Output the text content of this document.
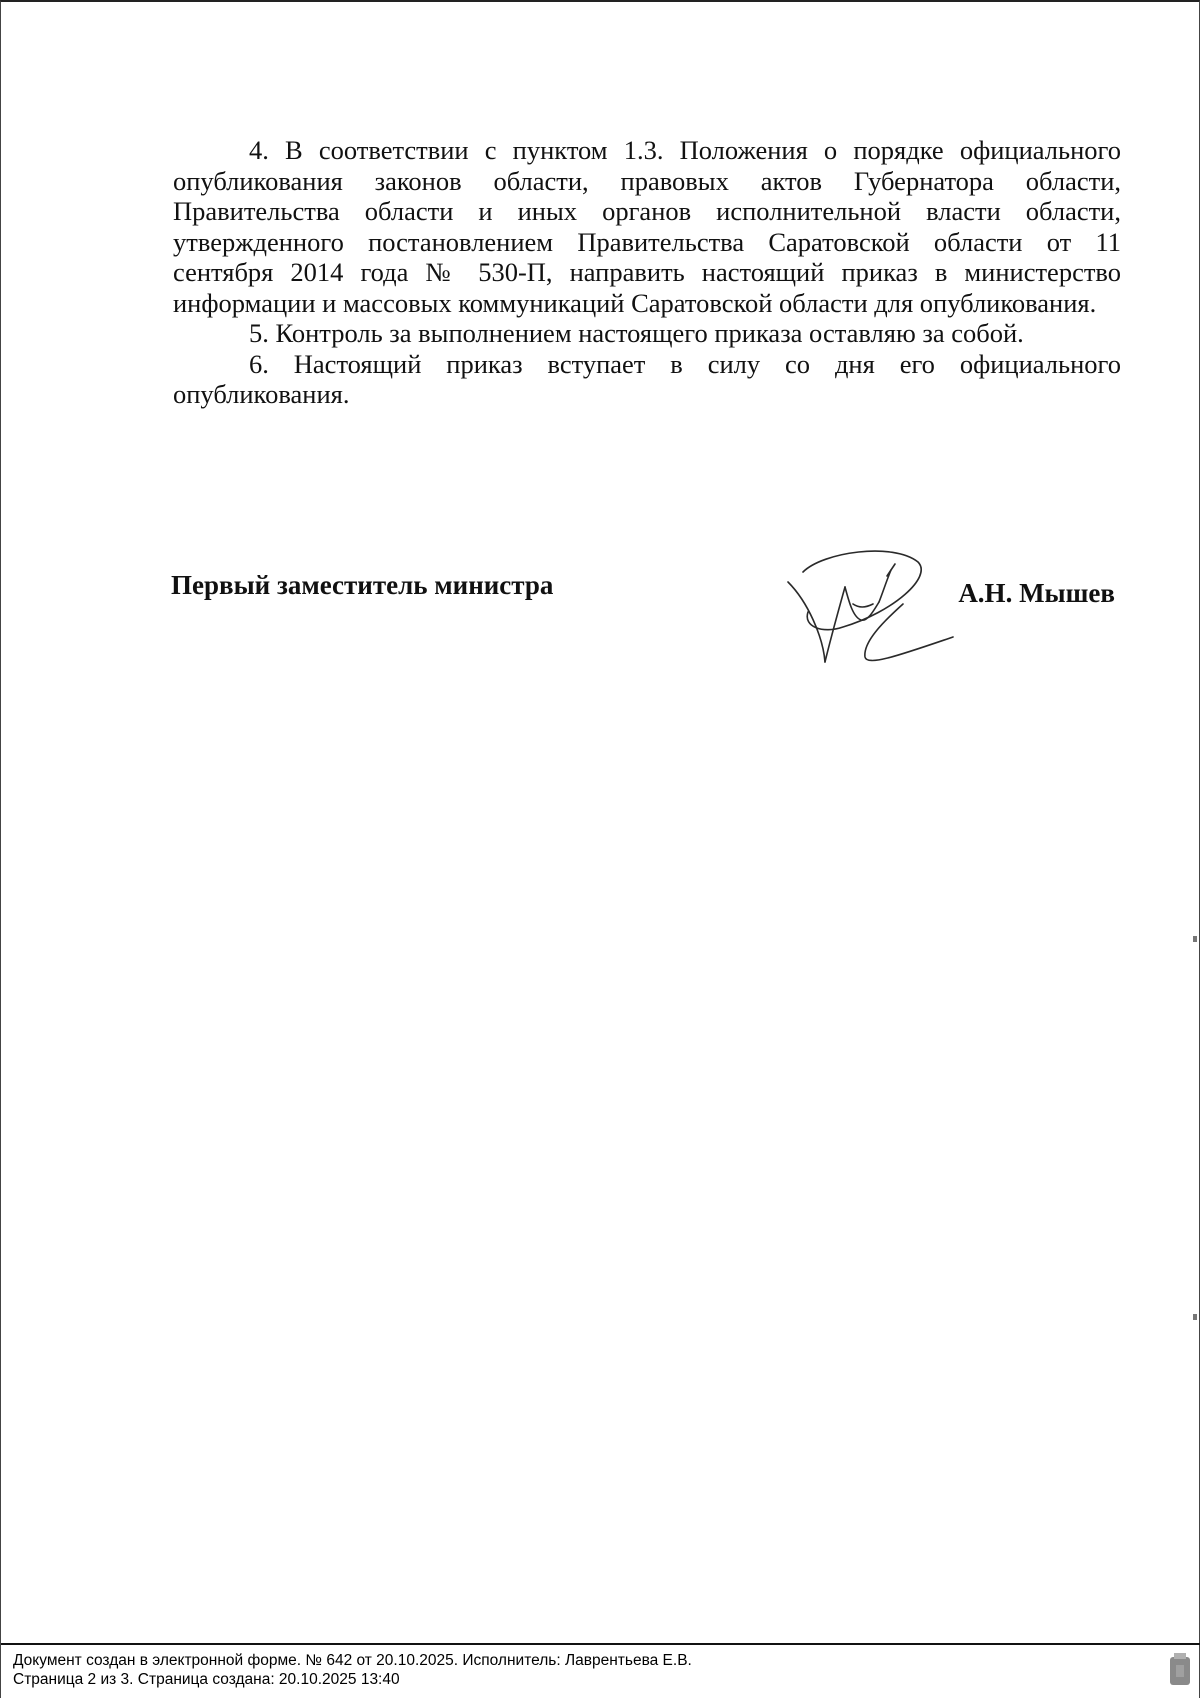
4. В соответствии с пунктом 1.3. Положения о порядке официального опубликования законов области, правовых актов Губернатора области, Правительства области и иных органов исполнительной власти области, утвержденного постановлением Правительства Саратовской области от 11 сентября 2014 года № 530-П, направить настоящий приказ в министерство информации и массовых коммуникаций Саратовской области для опубликования.

5. Контроль за выполнением настоящего приказа оставляю за собой.

6. Настоящий приказ вступает в силу со дня его официального опубликования.

Первый заместитель министра	А.Н. Мышев
Документ создан в электронной форме. № 642 от 20.10.2025. Исполнитель: Лаврентьева Е.В.
Страница 2 из 3. Страница создана: 20.10.2025 13:40
